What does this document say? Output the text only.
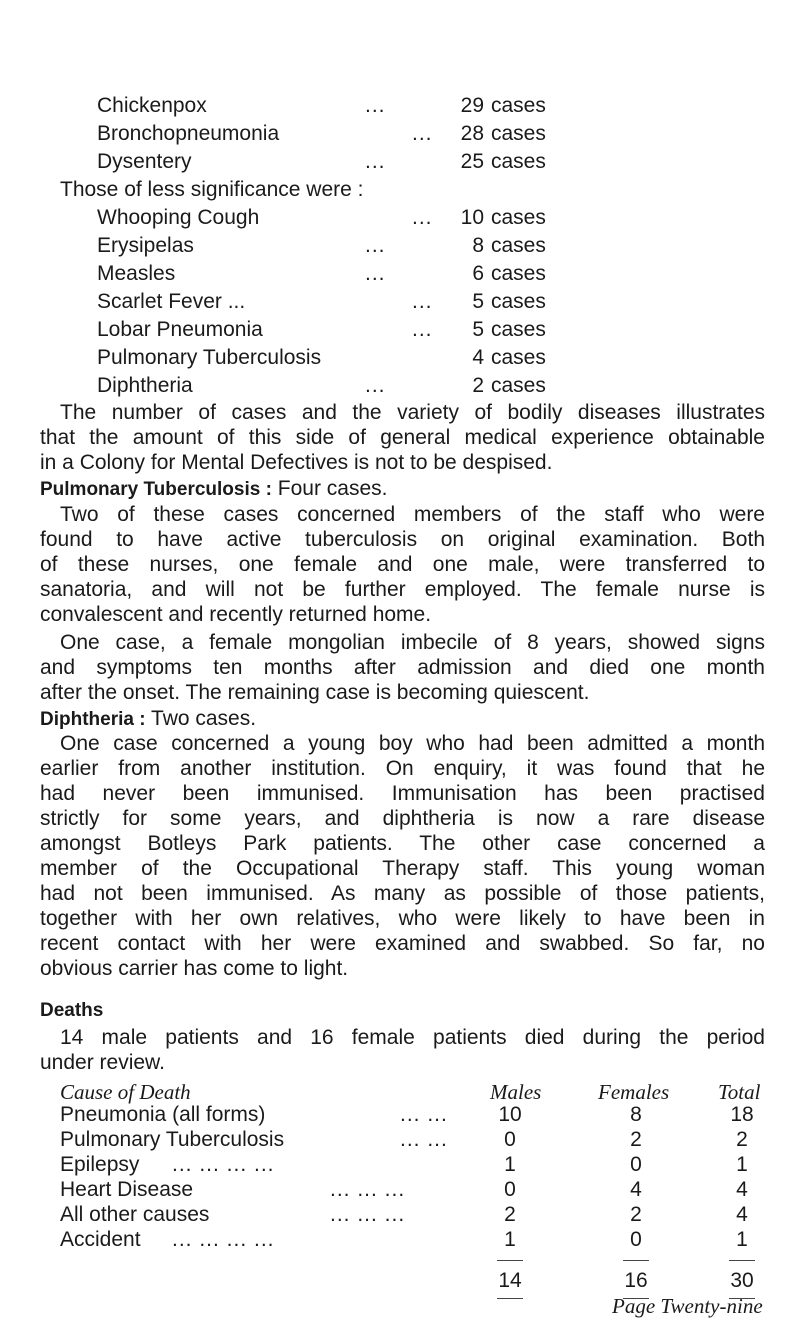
Chickenpox	...	29 cases
Bronchopneumonia	...	28 cases
Dysentery	...	25 cases
Those of less significance were :
Whooping Cough	...	10 cases
Erysipelas	...	8 cases
Measles	...	6 cases
Scarlet Fever ...	...	5 cases
Lobar Pneumonia	...	5 cases
Pulmonary Tuberculosis	4 cases
Diphtheria	...	2 cases
The number of cases and the variety of bodily diseases illustrates
that the amount of this side of general medical experience obtainable
in a Colony for Mental Defectives is not to be despised.
Pulmonary Tuberculosis : Four cases.
Two of these cases concerned members of the staff who were
found to have active tuberculosis on original examination. Both
of these nurses, one female and one male, were transferred to
sanatoria, and will not be further employed. The female nurse is
convalescent and recently returned home.
One case, a female mongolian imbecile of 8 years, showed signs
and symptoms ten months after admission and died one month
after the onset. The remaining case is becoming quiescent.
Diphtheria : Two cases.
One case concerned a young boy who had been admitted a month
earlier from another institution. On enquiry, it was found that he
had never been immunised. Immunisation has been practised
strictly for some years, and diphtheria is now a rare disease
amongst Botleys Park patients. The other case concerned a
member of the Occupational Therapy staff. This young woman
had not been immunised. As many as possible of those patients,
together with her own relatives, who were likely to have been in
recent contact with her were examined and swabbed. So far, no
obvious carrier has come to light.
Deaths
14 male patients and 16 female patients died during the period
under review.
Cause of Death	Males	Females Total
Pneumonia (all forms)	... ...	10	8	18
Pulmonary Tuberculosis	... ...	0	2	2
Epilepsy ... ... ... ...	1	0	1
Heart Disease	... ... ...	0	4	4
All other causes	... ... ...	2	2	4
Accident ... ... ... ...	1	0	1
14	16	30
Page Twenty-nine
